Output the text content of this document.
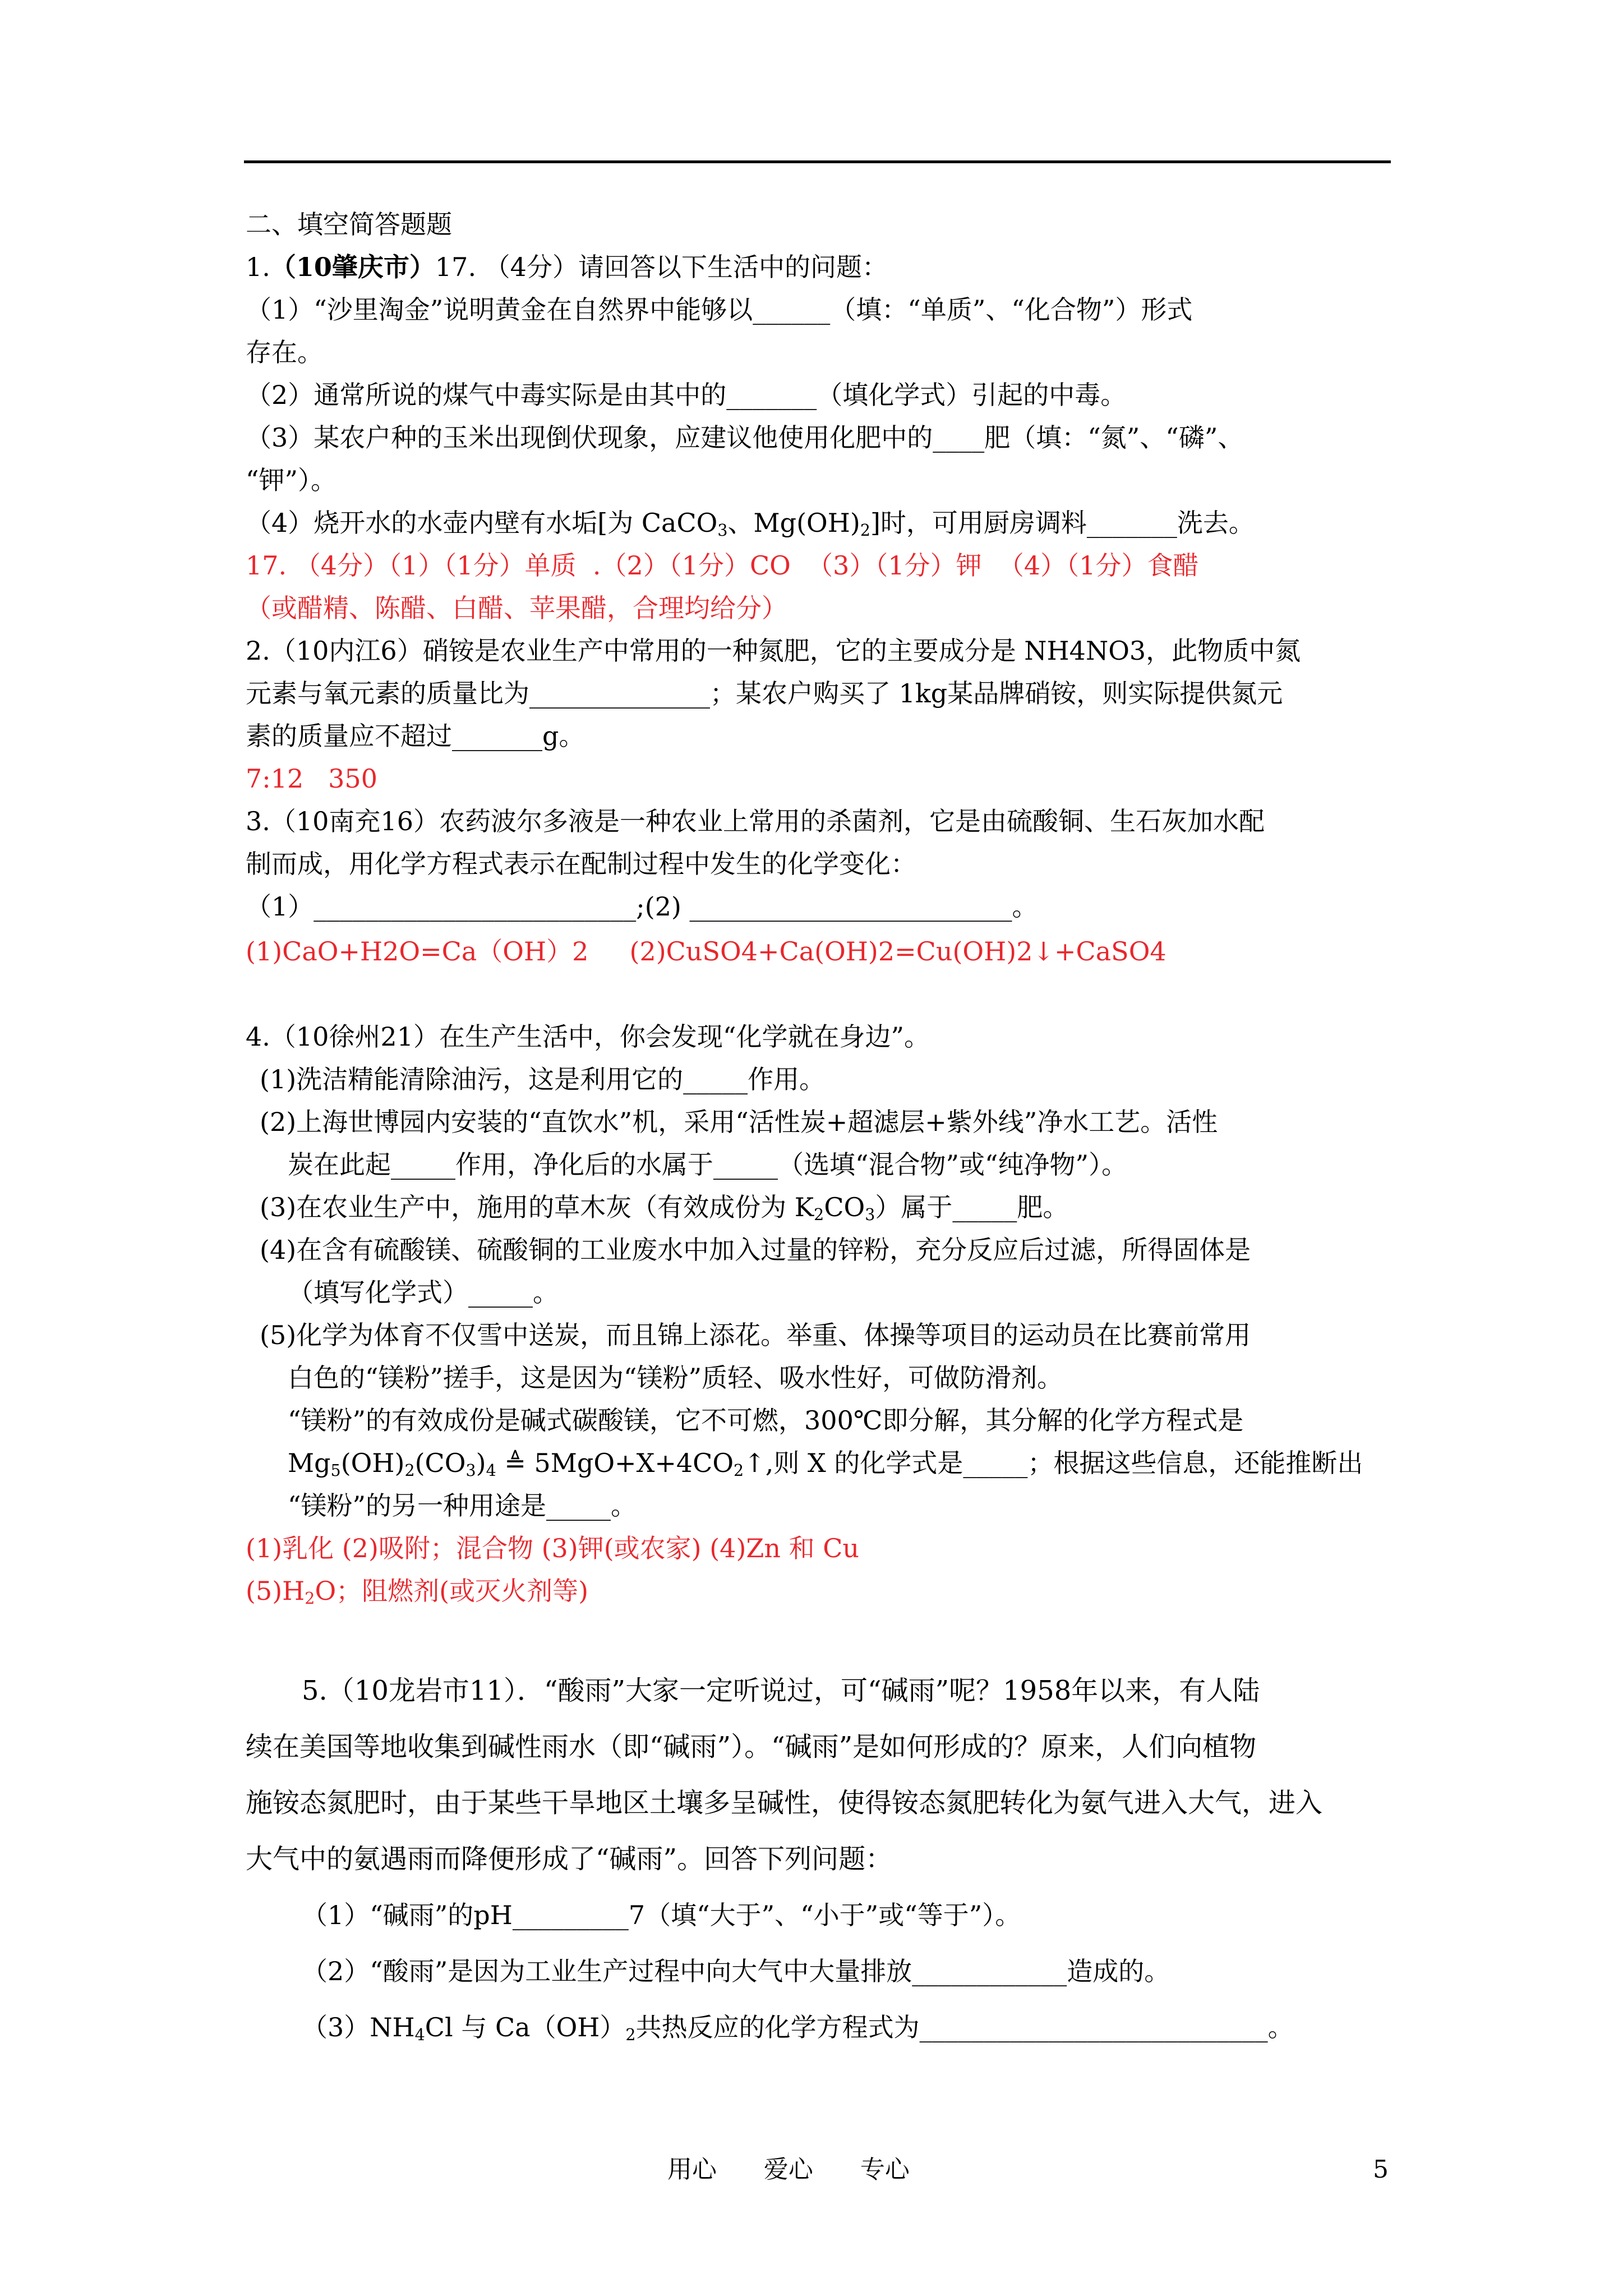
二、填空简答题题
1.（10肇庆市）17. （4分）请回答以下生活中的问题：
（1）“沙里淘金”说明黄金在自然界中能够以______（填：“单质”、“化合物”）形式
存在。
（2）通常所说的煤气中毒实际是由其中的_______（填化学式）引起的中毒。
（3）某农户种的玉米出现倒伏现象，应建议他使用化肥中的____肥（填：“氮”、“磷”、
“钾”）。
（4）烧开水的水壶内壁有水垢[为 CaCO$_3$、$Mg(OH)_2$]时，可用厨房调料_______洗去。
17. （4分）（1）（1分）单质  .（2）（1分）CO  （3）（1分）钾  （4）（1分）食醋
（或醋精、陈醋、白醋、苹果醋，合理均给分）
2.（10内江6）硝铵是农业生产中常用的一种氮肥，它的主要成分是 NH4NO3，此物质中氮
元素与氧元素的质量比为______________；某农户购买了 1kg某品牌硝铵，则实际提供氮元
素的质量应不超过_______g。
7:12   350
3.（10南充16）农药波尔多液是一种农业上常用的杀菌剂，它是由硫酸铜、生石灰加水配
制而成，用化学方程式表示在配制过程中发生的化学变化：
（1）_________________________;(2) _________________________。
(1)CaO+H2O=Ca（OH）2     (2)CuSO4+Ca(OH)2=Cu(OH)2↓+CaSO4
4.（10徐州21）在生产生活中，你会发现“化学就在身边”。
(1)洗洁精能清除油污，这是利用它的_____作用。
(2)上海世博园内安装的“直饮水”机，采用“活性炭+超滤层+紫外线”净水工艺。活性
炭在此起_____作用，净化后的水属于_____（选填“混合物”或“纯净物”）。
(3)在农业生产中，施用的草木灰（有效成份为 $K_2CO_3$）属于_____肥。
(4)在含有硫酸镁、硫酸铜的工业废水中加入过量的锌粉，充分反应后过滤，所得固体是
（填写化学式）_____。
(5)化学为体育不仅雪中送炭，而且锦上添花。举重、体操等项目的运动员在比赛前常用
白色的“镁粉”搓手，这是因为“镁粉”质轻、吸水性好，可做防滑剂。
“镁粉”的有效成份是碱式碳酸镁，它不可燃，300℃即分解，其分解的化学方程式是
$Mg_5(OH)_2(CO_3)_4$ ≜ $5MgO+X+4CO_2↑$,则 X 的化学式是_____；根据这些信息，还能推断出
“镁粉”的另一种用途是_____。
(1)乳化 (2)吸附；混合物 (3)钾(或农家) (4)Zn 和 Cu
$(5)H_2O$；阻燃剂(或灭火剂等)
5.（10龙岩市11）．“酸雨”大家一定听说过，可“碱雨”呢？1958年以来，有人陆
续在美国等地收集到碱性雨水（即“碱雨”）。“碱雨”是如何形成的？原来，人们向植物
施铵态氮肥时，由于某些干旱地区土壤多呈碱性，使得铵态氮肥转化为氨气进入大气，进入
大气中的氨遇雨而降便形成了“碱雨”。回答下列问题：
（1）“碱雨”的pH_________7（填“大于”、“小于”或“等于”）。
（2）“酸雨”是因为工业生产过程中向大气中大量排放____________造成的。
$(3)NH_4Cl$ 与 $Ca(OH)_2$共热反应的化学方程式为___________________________。
用心      爱心      专心	5
